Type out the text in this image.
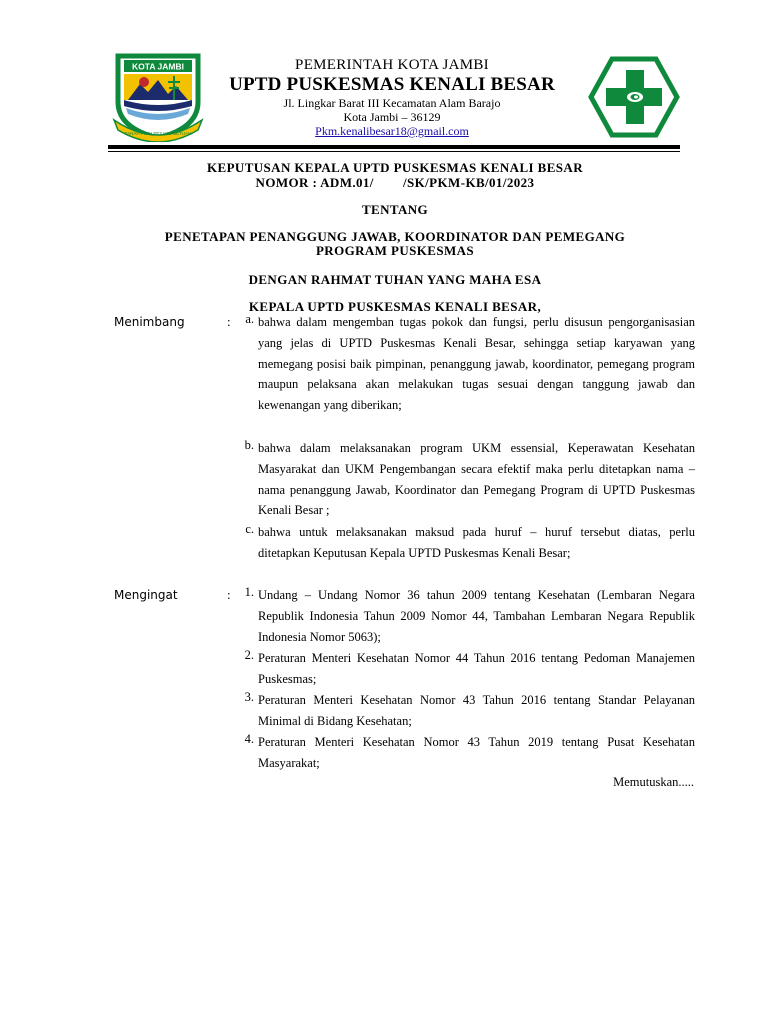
KOTA JAMBI
TANAH PILIH PESAKO BETUAH
PEMERINTAH KOTA JAMBI
UPTD PUSKESMAS KENALI BESAR
Jl. Lingkar Barat III Kecamatan Alam Barajo
Kota Jambi – 36129
Pkm.kenalibesar18@gmail.com
KEPUTUSAN KEPALA UPTD PUSKESMAS KENALI BESAR
NOMOR : ADM.01/        /SK/PKM-KB/01/2023
TENTANG
PENETAPAN PENANGGUNG JAWAB, KOORDINATOR DAN PEMEGANG
PROGRAM PUSKESMAS
DENGAN RAHMAT TUHAN YANG MAHA ESA
KEPALA UPTD PUSKESMAS KENALI BESAR,
Menimbang	:	a. bahwa dalam mengemban tugas pokok dan fungsi, perlu disusun pengorganisasian yang jelas di UPTD Puskesmas Kenali Besar, sehingga setiap karyawan yang memegang posisi baik pimpinan, penanggung jawab, koordinator, pemegang program maupun pelaksana akan melakukan tugas sesuai dengan tanggung jawab dan kewenangan yang diberikan;
b. bahwa dalam melaksanakan program UKM essensial, Keperawatan Kesehatan Masyarakat dan UKM Pengembangan secara efektif maka perlu ditetapkan nama – nama penanggung Jawab, Koordinator dan Pemegang Program di UPTD Puskesmas Kenali Besar ;
c. bahwa untuk melaksanakan maksud pada huruf – huruf tersebut diatas, perlu ditetapkan Keputusan Kepala UPTD Puskesmas Kenali Besar;
Mengingat	:	1. Undang – Undang Nomor 36 tahun 2009 tentang Kesehatan (Lembaran Negara Republik Indonesia Tahun 2009 Nomor 44, Tambahan Lembaran Negara Republik Indonesia Nomor 5063);
2. Peraturan Menteri Kesehatan Nomor 44 Tahun 2016 tentang Pedoman Manajemen Puskesmas;
3. Peraturan Menteri Kesehatan Nomor 43 Tahun 2016 tentang Standar Pelayanan Minimal di Bidang Kesehatan;
4. Peraturan Menteri Kesehatan Nomor 43 Tahun 2019 tentang Pusat Kesehatan Masyarakat;
Memutuskan.....
